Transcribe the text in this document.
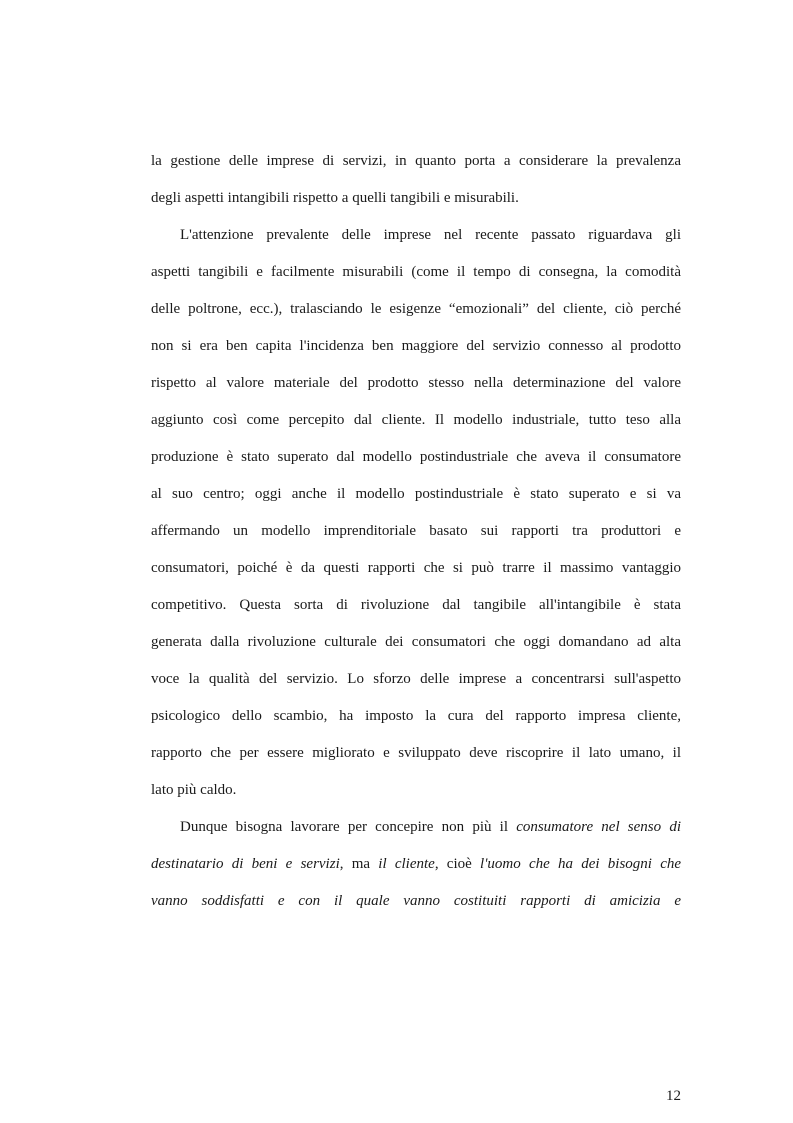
la gestione delle imprese di servizi, in quanto porta a considerare la prevalenza
degli aspetti intangibili rispetto a quelli tangibili e misurabili.
L'attenzione prevalente delle imprese nel recente passato riguardava gli
aspetti tangibili e facilmente misurabili (come il tempo di consegna, la comodità
delle poltrone, ecc.), tralasciando le esigenze “emozionali” del cliente, ciò perché
non si era ben capita l'incidenza ben maggiore del servizio connesso al prodotto
rispetto al valore materiale del prodotto stesso nella determinazione del valore
aggiunto così come percepito dal cliente. Il modello industriale, tutto teso alla
produzione è stato superato dal modello postindustriale che aveva il consumatore
al suo centro; oggi anche il modello postindustriale è stato superato e si va
affermando un modello imprenditoriale basato sui rapporti tra produttori e
consumatori, poiché è da questi rapporti che si può trarre il massimo vantaggio
competitivo. Questa sorta di rivoluzione dal tangibile all'intangibile è stata
generata dalla rivoluzione culturale dei consumatori che oggi domandano ad alta
voce la qualità del servizio. Lo sforzo delle imprese a concentrarsi sull'aspetto
psicologico dello scambio, ha imposto la cura del rapporto impresa cliente,
rapporto che per essere migliorato e sviluppato deve riscoprire il lato umano, il
lato più caldo.
Dunque bisogna lavorare per concepire non più il consumatore nel senso di
destinatario di beni e servizi, ma il cliente, cioè l'uomo che ha dei bisogni che
vanno soddisfatti e con il quale vanno costituiti rapporti di amicizia e
12
